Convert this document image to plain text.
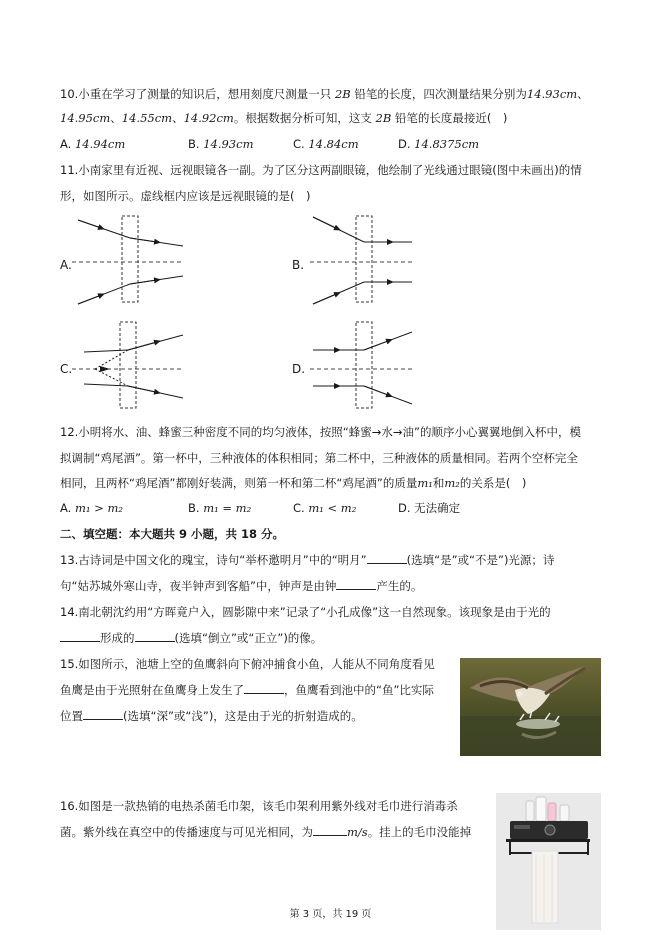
10.小重在学习了测量的知识后，想用刻度尺测量一只 2B 铅笔的长度，四次测量结果分别为14.93cm、
14.95cm、14.55cm、14.92cm。根据数据分析可知，这支 2B 铅笔的长度最接近(　)
A. 14.94cm	B. 14.93cm	C. 14.84cm	D. 14.8375cm
11.小南家里有近视、远视眼镜各一副。为了区分这两副眼镜，他绘制了光线通过眼镜(图中未画出)的情
形，如图所示。虚线框内应该是远视眼镜的是(　)
A.	B.
C.	D.
12.小明将水、油、蜂蜜三种密度不同的均匀液体，按照“蜂蜜→水→油”的顺序小心翼翼地倒入杯中，模
拟调制“鸡尾酒”。第一杯中，三种液体的体积相同；第二杯中，三种液体的质量相同。若两个空杯完全
相同，且两杯“鸡尾酒”都刚好装满，则第一杯和第二杯“鸡尾酒”的质量m₁和m₂的关系是(　)
A. m₁ > m₂	B. m₁ = m₂	C. m₁ < m₂	D. 无法确定
二、填空题：本大题共 9 小题，共 18 分。
13.古诗词是中国文化的瑰宝，诗句“举杯邀明月”中的“明月”	(选填“是”或“不是”)光源；诗
句“姑苏城外寒山寺，夜半钟声到客船”中，钟声是由钟	产生的。
14.南北朝沈约用“方晖竟户入，圆影隙中来”记录了“小孔成像”这一自然现象。该现象是由于光的
形成的	(选填“倒立”或“正立”)的像。
15.如图所示，池塘上空的鱼鹰斜向下俯冲捕食小鱼，人能从不同角度看见
鱼鹰是由于光照射在鱼鹰身上发生了	，鱼鹰看到池中的“鱼”比实际
位置	(选填“深”或“浅”)，这是由于光的折射造成的。
16.如图是一款热销的电热杀菌毛巾架，该毛巾架利用紫外线对毛巾进行消毒杀
菌。紫外线在真空中的传播速度与可见光相同，为	m/s。挂上的毛巾没能掉
第 3 页，共 19 页
